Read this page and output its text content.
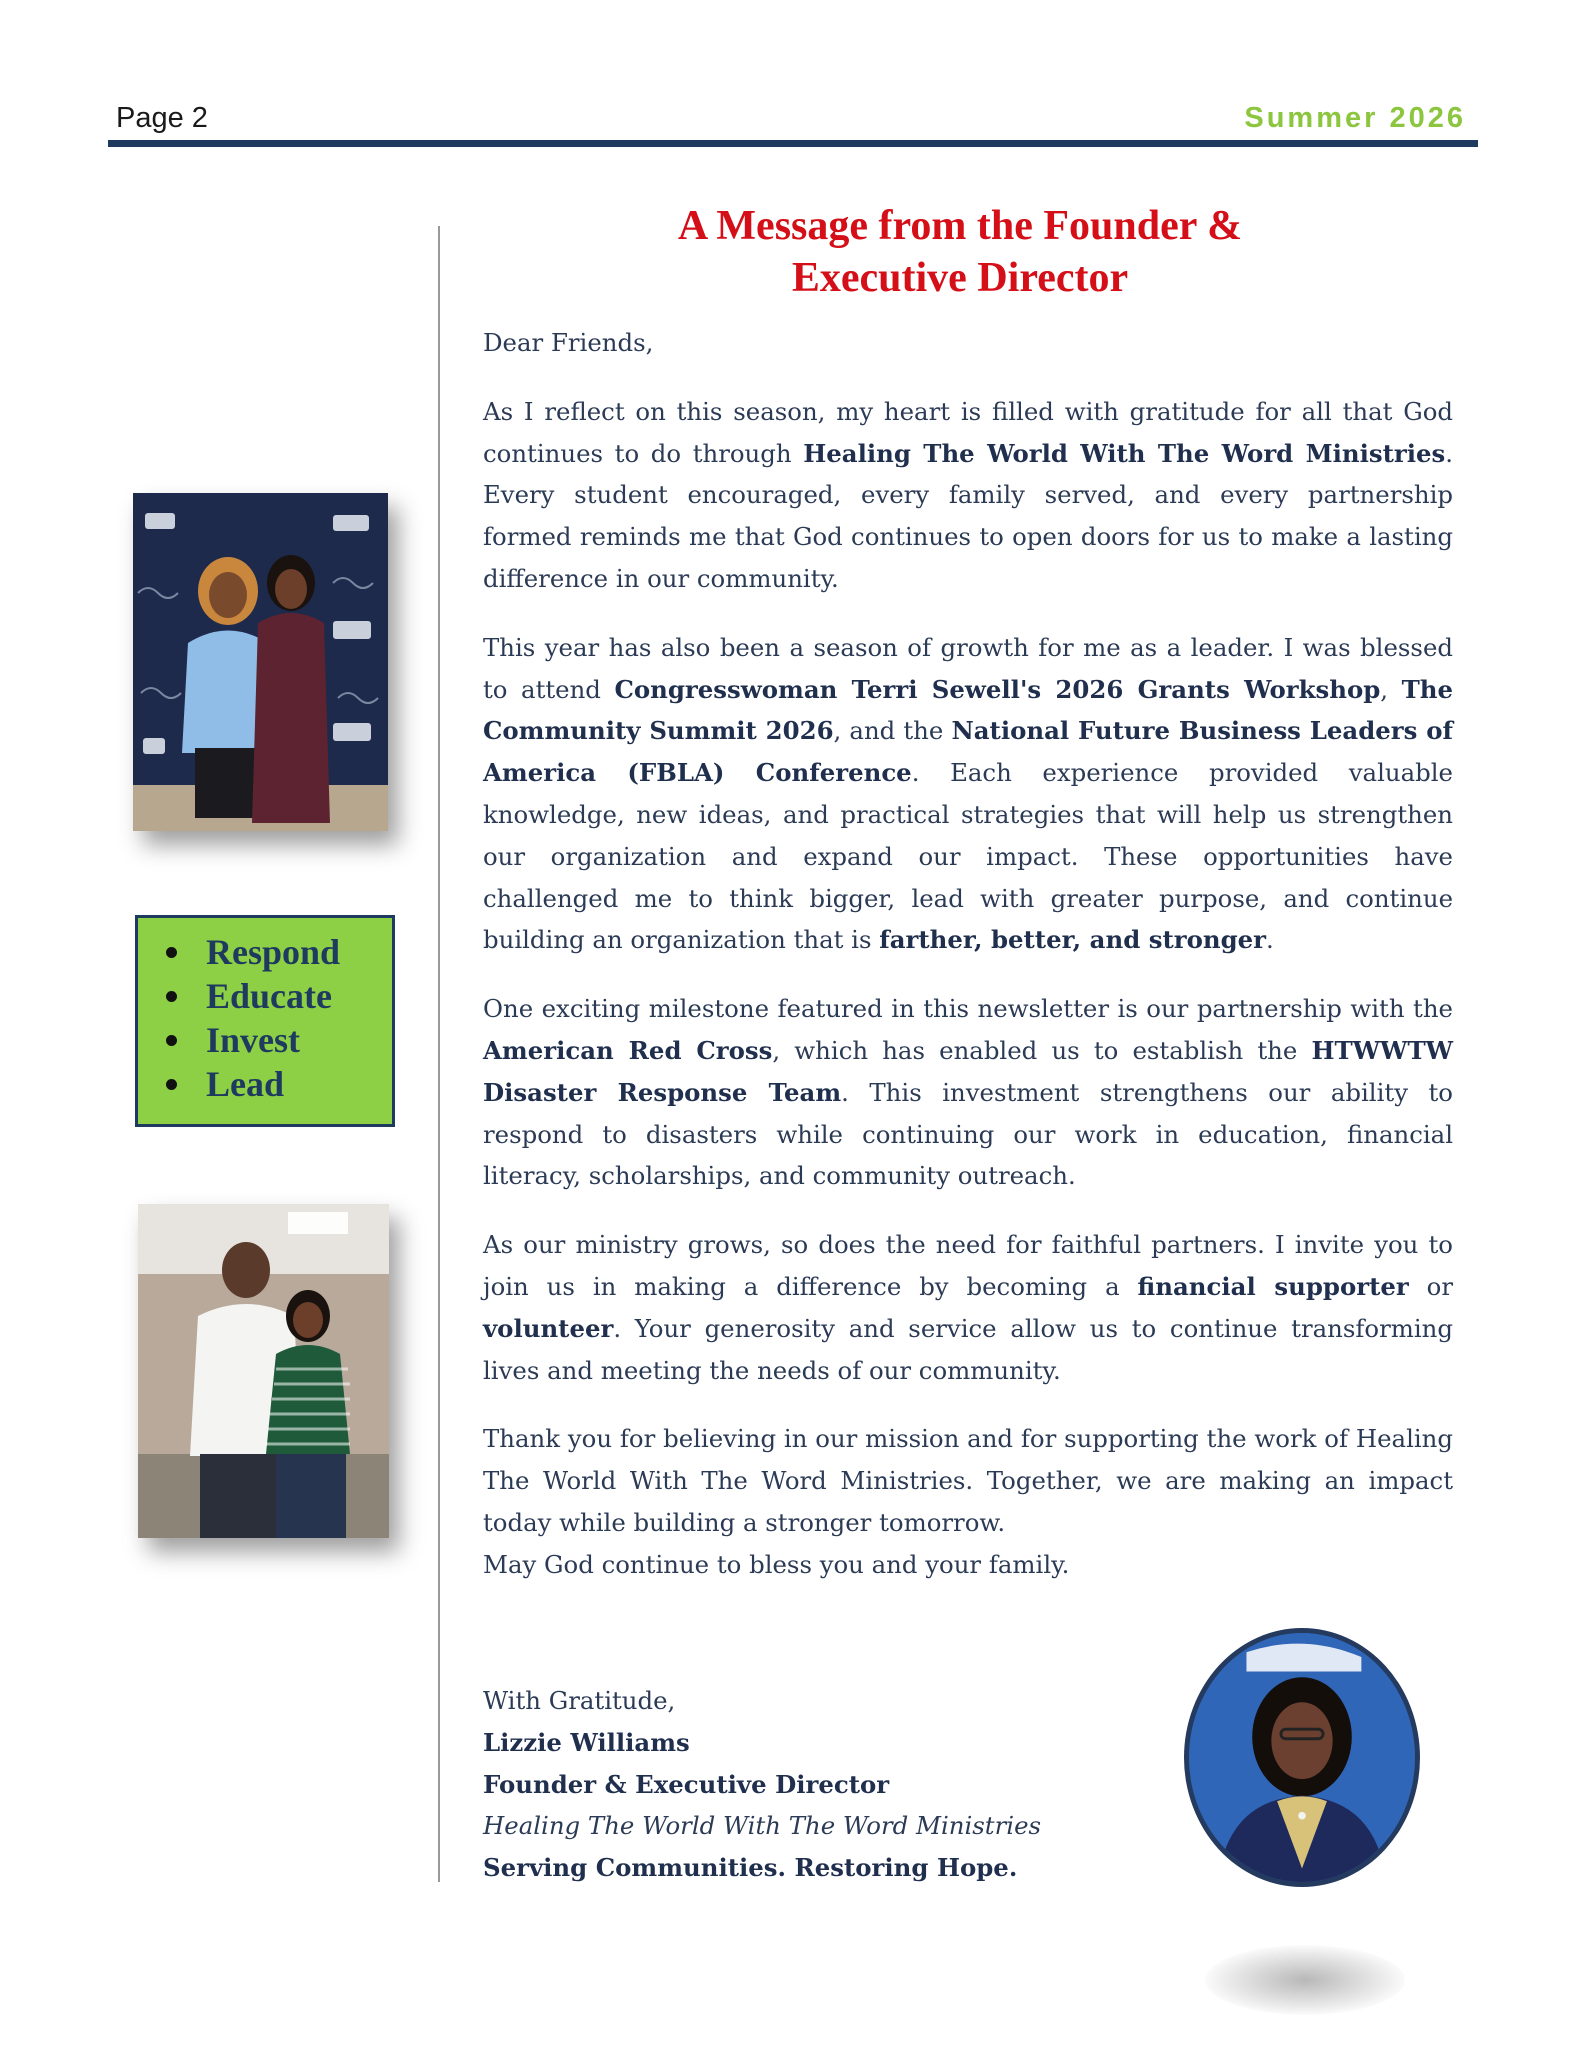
Page 2	Summer 2026
Respond
Educate
Invest
Lead
A Message from the Founder &
Executive Director

Dear Friends,

As I reflect on this season, my heart is filled with gratitude for all that God continues to do through Healing The World With The Word Ministries. Every student encouraged, every family served, and every partnership formed reminds me that God continues to open doors for us to make a lasting difference in our community.

This year has also been a season of growth for me as a leader. I was blessed to attend Congresswoman Terri Sewell's 2026 Grants Workshop, The Community Summit 2026, and the National Future Business Leaders of America (FBLA) Conference. Each experience provided valuable knowledge, new ideas, and practical strategies that will help us strengthen our organization and expand our impact. These opportunities have challenged me to think bigger, lead with greater purpose, and continue building an organization that is farther, better, and stronger.

One exciting milestone featured in this newsletter is our partnership with the American Red Cross, which has enabled us to establish the HTWWTW Disaster Response Team. This investment strengthens our ability to respond to disasters while continuing our work in education, financial literacy, scholarships, and community outreach.

As our ministry grows, so does the need for faithful partners. I invite you to join us in making a difference by becoming a financial supporter or volunteer. Your generosity and service allow us to continue transforming lives and meeting the needs of our community.

Thank you for believing in our mission and for supporting the work of Healing The World With The Word Ministries. Together, we are making an impact today while building a stronger tomorrow.
May God continue to bless you and your family.

With Gratitude,
Lizzie Williams
Founder & Executive Director
Healing The World With The Word Ministries
Serving Communities. Restoring Hope.
